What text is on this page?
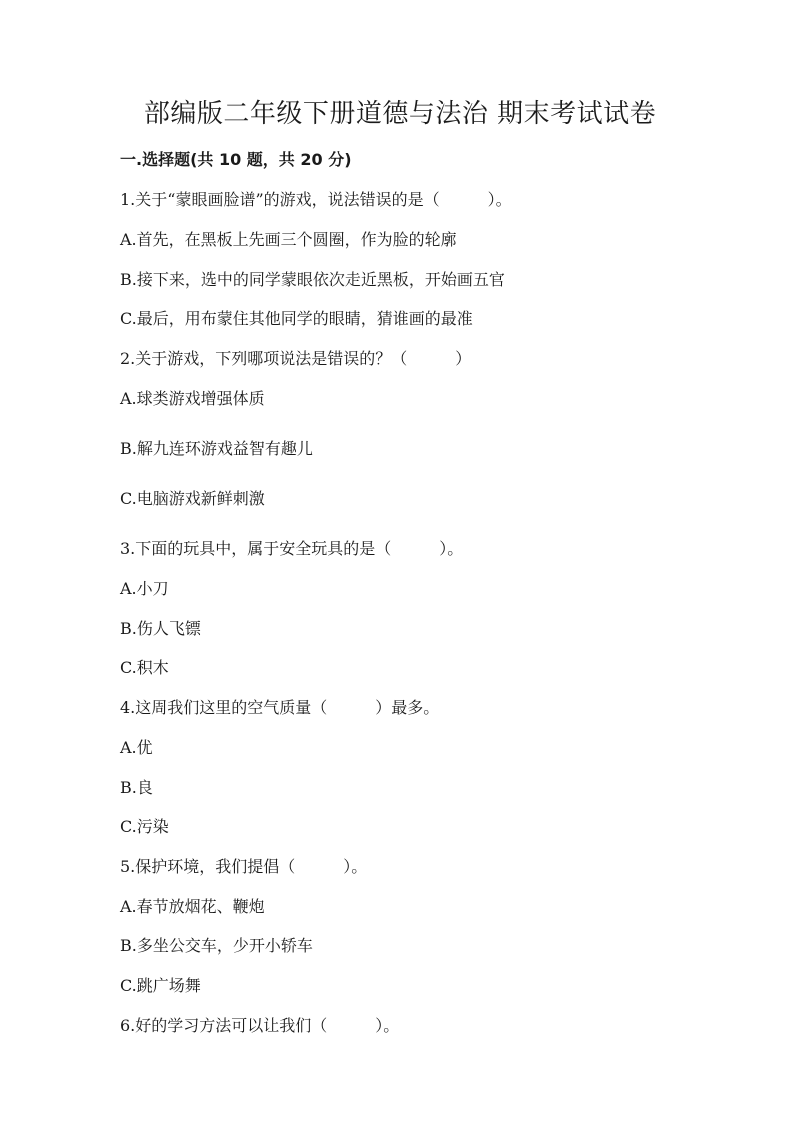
部编版二年级下册道德与法治 期末考试试卷
一.选择题(共 10 题，共 20 分)
1.关于“蒙眼画脸谱”的游戏，说法错误的是（　　　）。
A.首先，在黑板上先画三个圆圈，作为脸的轮廓
B.接下来，选中的同学蒙眼依次走近黑板，开始画五官
C.最后，用布蒙住其他同学的眼睛，猜谁画的最准
2.关于游戏，下列哪项说法是错误的？（　　　）
A.球类游戏增强体质
B.解九连环游戏益智有趣儿
C.电脑游戏新鲜刺激
3.下面的玩具中，属于安全玩具的是（　　　）。
A.小刀
B.伤人飞镖
C.积木
4.这周我们这里的空气质量（　　　）最多。
A.优
B.良
C.污染
5.保护环境，我们提倡（　　　）。
A.春节放烟花、鞭炮
B.多坐公交车，少开小轿车
C.跳广场舞
6.好的学习方法可以让我们（　　　）。
